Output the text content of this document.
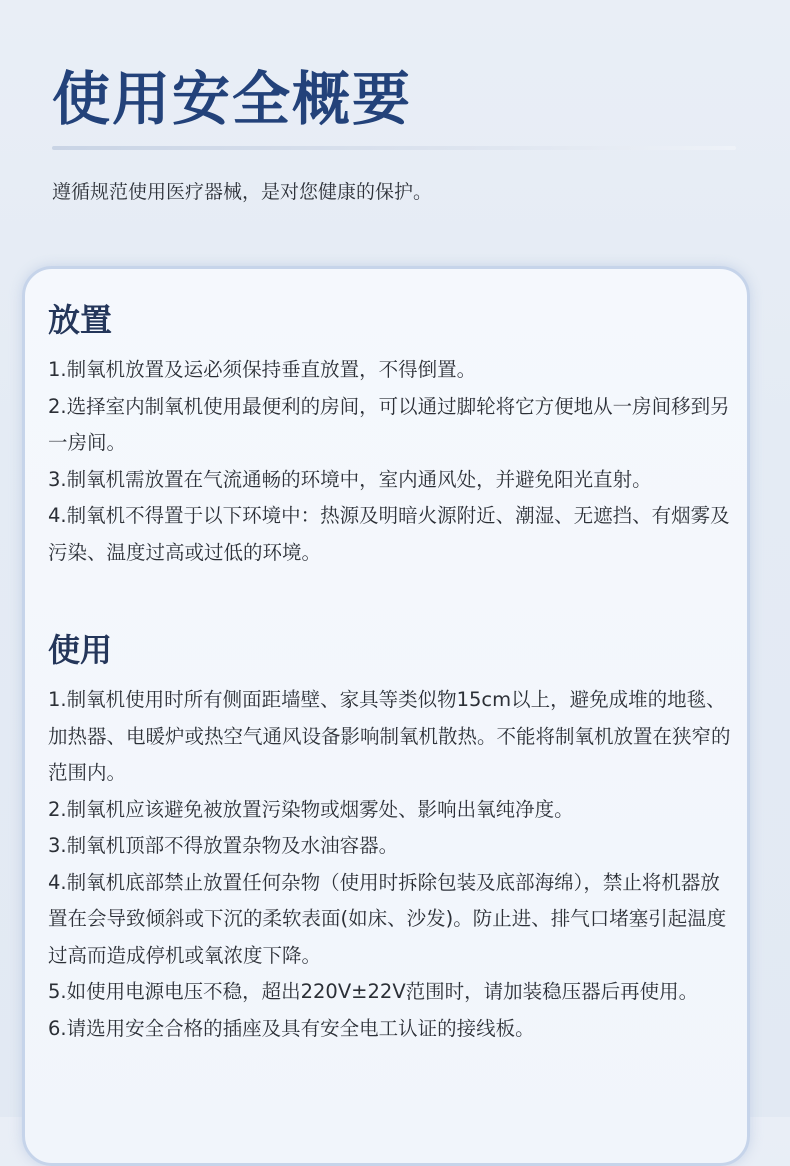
使用安全概要

遵循规范使用医疗器械，是对您健康的保护。

放置
1.制氧机放置及运必须保持垂直放置，不得倒置。
2.选择室内制氧机使用最便利的房间，可以通过脚轮将它方便地从一房间移到另一房间。
3.制氧机需放置在气流通畅的环境中，室内通风处，并避免阳光直射。
4.制氧机不得置于以下环境中：热源及明暗火源附近、潮湿、无遮挡、有烟雾及污染、温度过高或过低的环境。
使用
1.制氧机使用时所有侧面距墙壁、家具等类似物15cm以上，避免成堆的地毯、加热器、电暖炉或热空气通风设备影响制氧机散热。不能将制氧机放置在狭窄的范围内。
2.制氧机应该避免被放置污染物或烟雾处、影响出氧纯净度。
3.制氧机顶部不得放置杂物及水油容器。
4.制氧机底部禁止放置任何杂物（使用时拆除包装及底部海绵），禁止将机器放置在会导致倾斜或下沉的柔软表面(如床、沙发)。防止进、排气口堵塞引起温度过高而造成停机或氧浓度下降。
5.如使用电源电压不稳，超出220V±22V范围时，请加装稳压器后再使用。
6.请选用安全合格的插座及具有安全电工认证的接线板。
